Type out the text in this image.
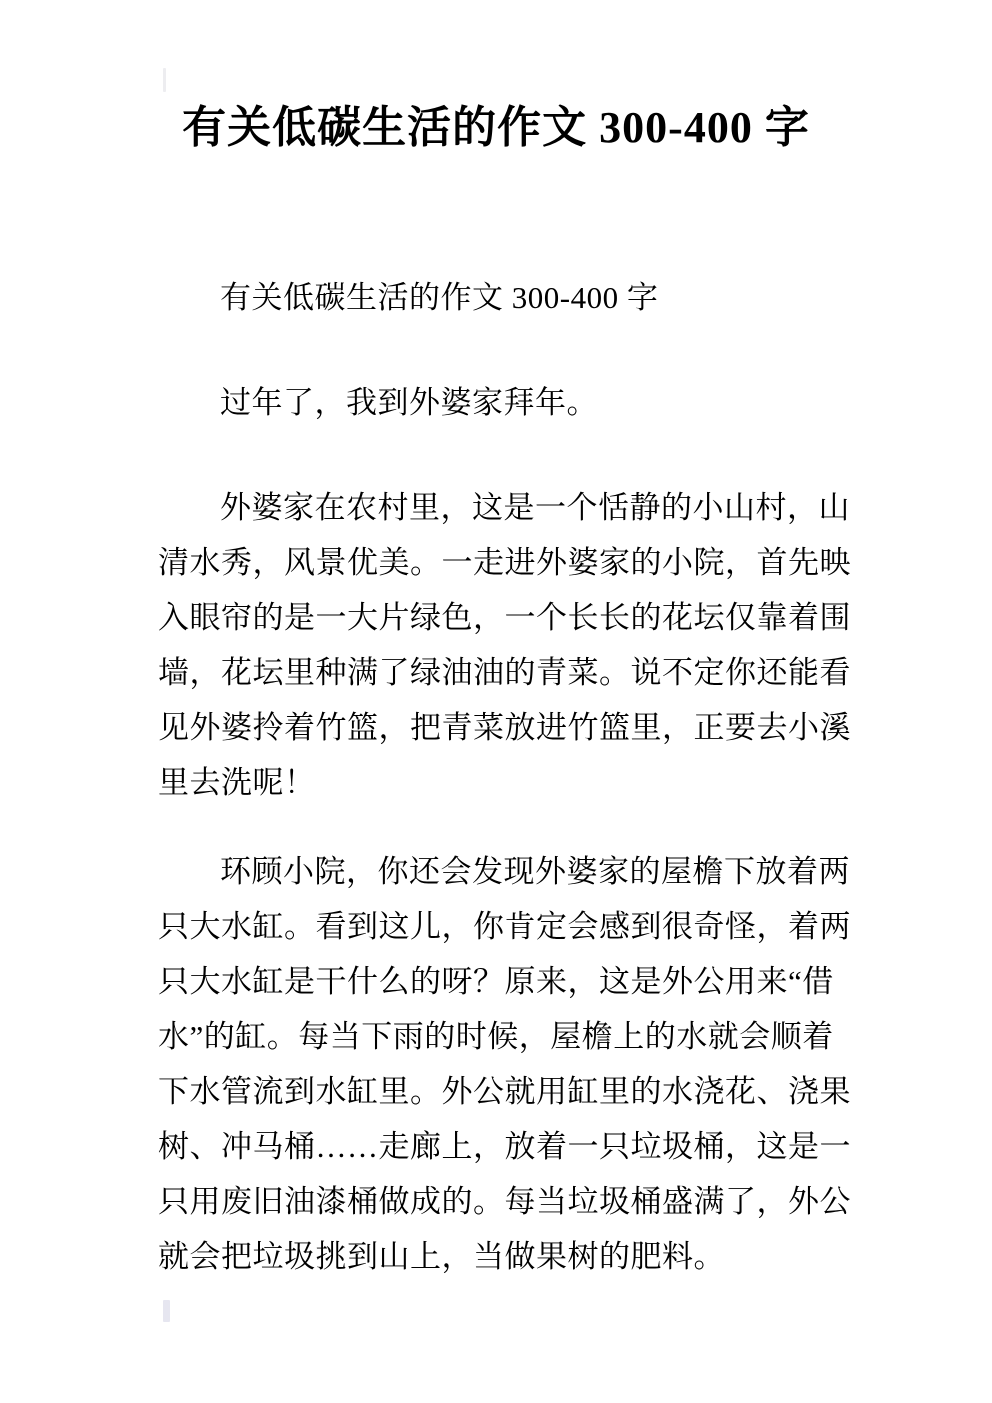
有关低碳生活的作文 300-400 字
有关低碳生活的作文 300-400 字
过年了，我到外婆家拜年。
外婆家在农村里，这是一个恬静的小山村，山
清水秀，风景优美。一走进外婆家的小院，首先映
入眼帘的是一大片绿色，一个长长的花坛仅靠着围
墙，花坛里种满了绿油油的青菜。说不定你还能看
见外婆拎着竹篮，把青菜放进竹篮里，正要去小溪
里去洗呢！
环顾小院，你还会发现外婆家的屋檐下放着两
只大水缸。看到这儿，你肯定会感到很奇怪，着两
只大水缸是干什么的呀？原来，这是外公用来“借
水”的缸。每当下雨的时候，屋檐上的水就会顺着
下水管流到水缸里。外公就用缸里的水浇花、浇果
树、冲马桶……走廊上，放着一只垃圾桶，这是一
只用废旧油漆桶做成的。每当垃圾桶盛满了，外公
就会把垃圾挑到山上，当做果树的肥料。
